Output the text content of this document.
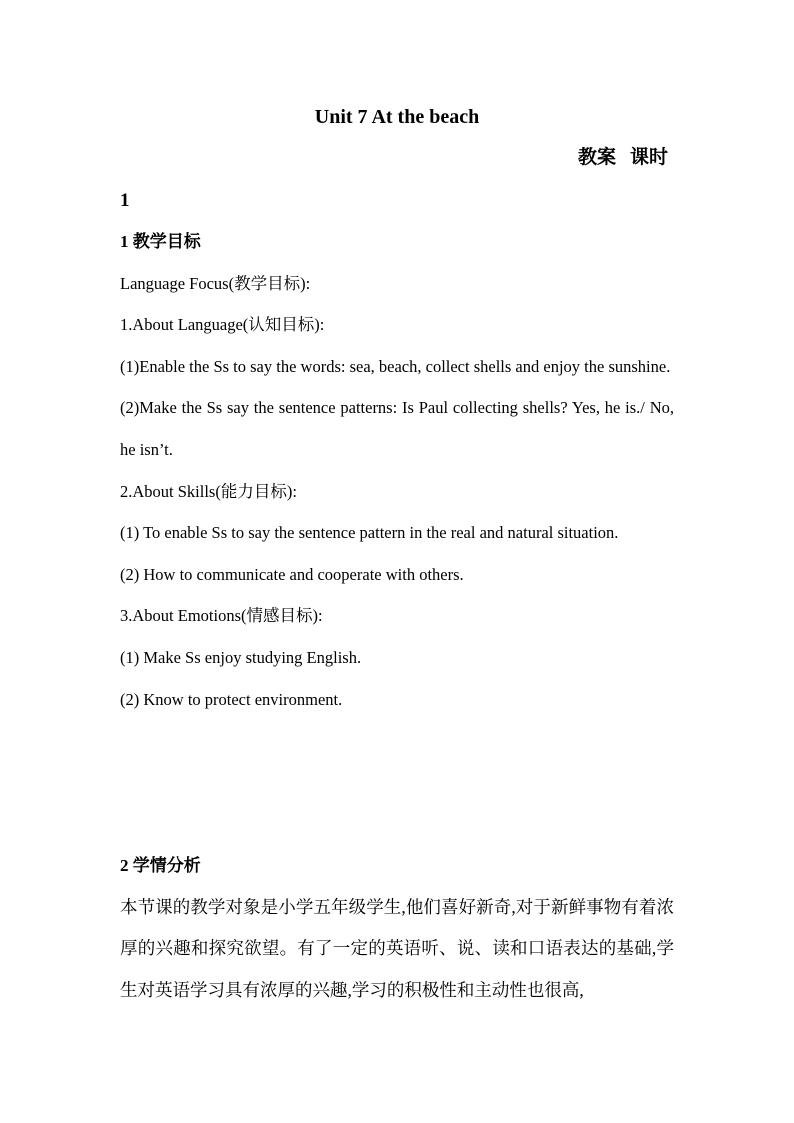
Unit 7 At the beach
教案 课时
1
1 教学目标
Language Focus(教学目标):
1.About Language(认知目标):
(1)Enable the Ss to say the words: sea, beach, collect shells and enjoy the sunshine.
(2)Make the Ss say the sentence patterns: Is Paul collecting shells? Yes, he is./ No, he isn’t.
2.About Skills(能力目标):
(1) To enable Ss to say the sentence pattern in the real and natural situation.
(2) How to communicate and cooperate with others.
3.About Emotions(情感目标):
(1) Make Ss enjoy studying English.
(2) Know to protect environment.
2 学情分析
本节课的教学对象是小学五年级学生,他们喜好新奇,对于新鲜事物有着浓厚的兴趣和探究欲望。有了一定的英语听、说、读和口语表达的基础,学生对英语学习具有浓厚的兴趣,学习的积极性和主动性也很高,
